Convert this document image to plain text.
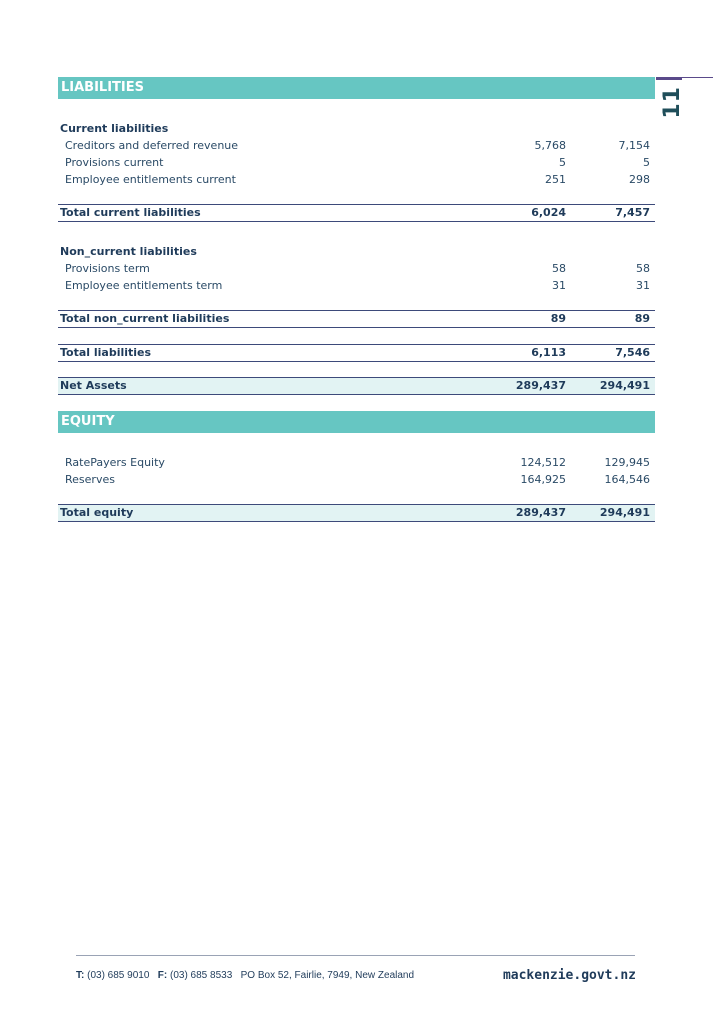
11
LIABILITIES
Current liabilities
Creditors and deferred revenue	5,768	7,154
Provisions current	5	5
Employee entitlements current	251	298
Total current liabilities	6,024	7,457
Non_current liabilities
Provisions term	58	58
Employee entitlements term	31	31
Total non_current liabilities	89	89
Total liabilities	6,113	7,546
Net Assets	289,437	294,491
EQUITY
RatePayers Equity	124,512	129,945
Reserves	164,925	164,546
Total equity	289,437	294,491
T: (03) 685 9010 F: (03) 685 8533 PO Box 52, Fairlie, 7949, New Zealand	mackenzie.govt.nz
